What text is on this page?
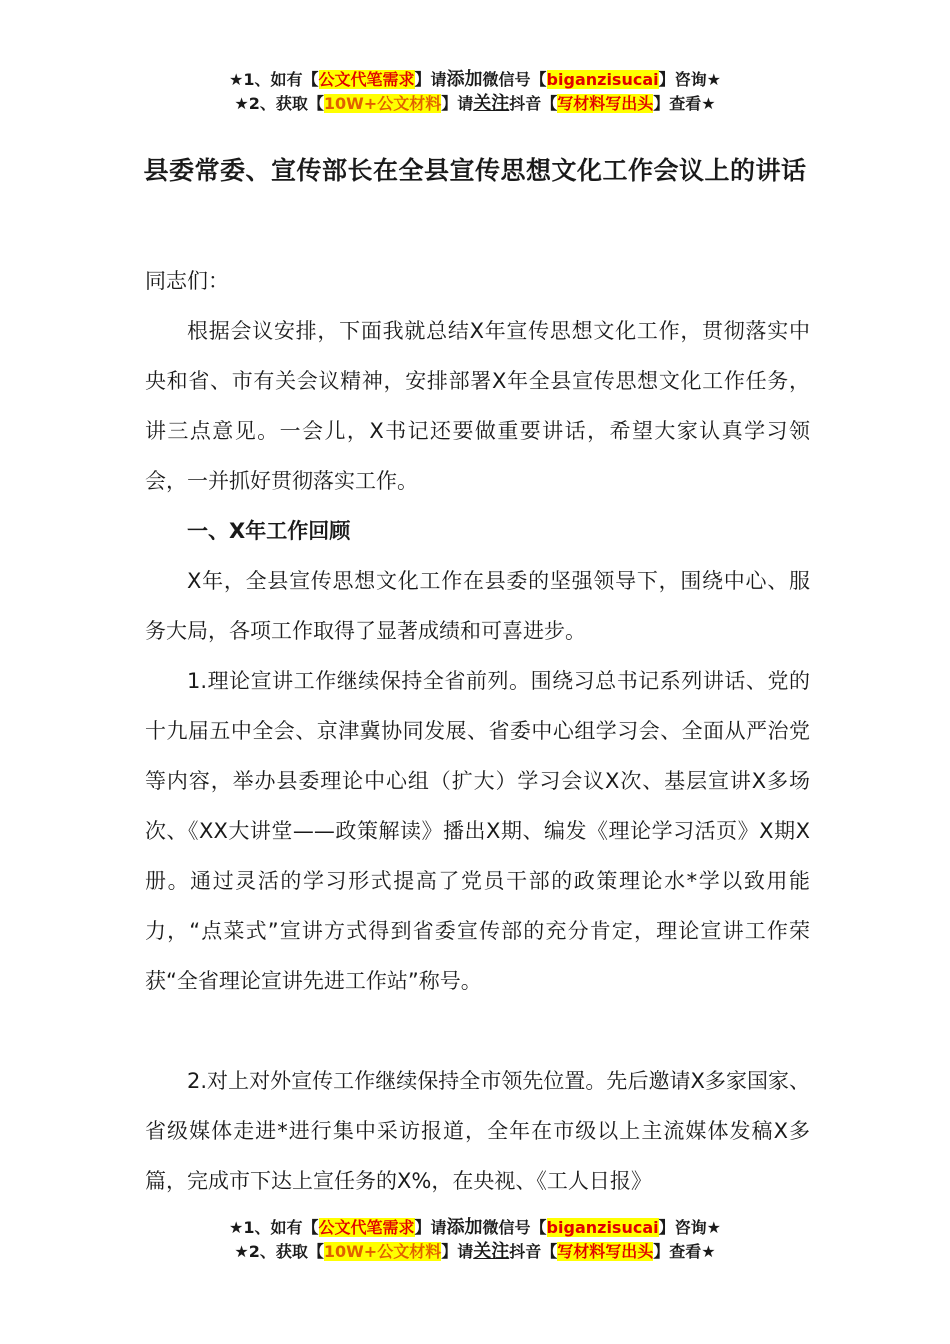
★1、如有【公文代笔需求】请添加微信号【biganzisucai】咨询★
★2、获取【10W+公文材料】请关注抖音【写材料写出头】查看★
县委常委、宣传部长在全县宣传思想文化工作会议上的讲话

同志们：

根据会议安排，下面我就总结X年宣传思想文化工作，贯彻落实中央和省、市有关会议精神，安排部署X年全县宣传思想文化工作任务，讲三点意见。一会儿，X书记还要做重要讲话，希望大家认真学习领会，一并抓好贯彻落实工作。

一、X年工作回顾

X年，全县宣传思想文化工作在县委的坚强领导下，围绕中心、服务大局，各项工作取得了显著成绩和可喜进步。

1.理论宣讲工作继续保持全省前列。围绕习总书记系列讲话、党的十九届五中全会、京津冀协同发展、省委中心组学习会、全面从严治党等内容，举办县委理论中心组（扩大）学习会议X次、基层宣讲X多场次、《XX大讲堂——政策解读》播出X期、编发《理论学习活页》X期X册。通过灵活的学习形式提高了党员干部的政策理论水*学以致用能力，“点菜式”宣讲方式得到省委宣传部的充分肯定，理论宣讲工作荣获“全省理论宣讲先进工作站”称号。

2.对上对外宣传工作继续保持全市领先位置。先后邀请X多家国家、省级媒体走进*进行集中采访报道，全年在市级以上主流媒体发稿X多篇，完成市下达上宣任务的X%，在央视、《工人日报》

★1、如有【公文代笔需求】请添加微信号【biganzisucai】咨询★
★2、获取【10W+公文材料】请关注抖音【写材料写出头】查看★
